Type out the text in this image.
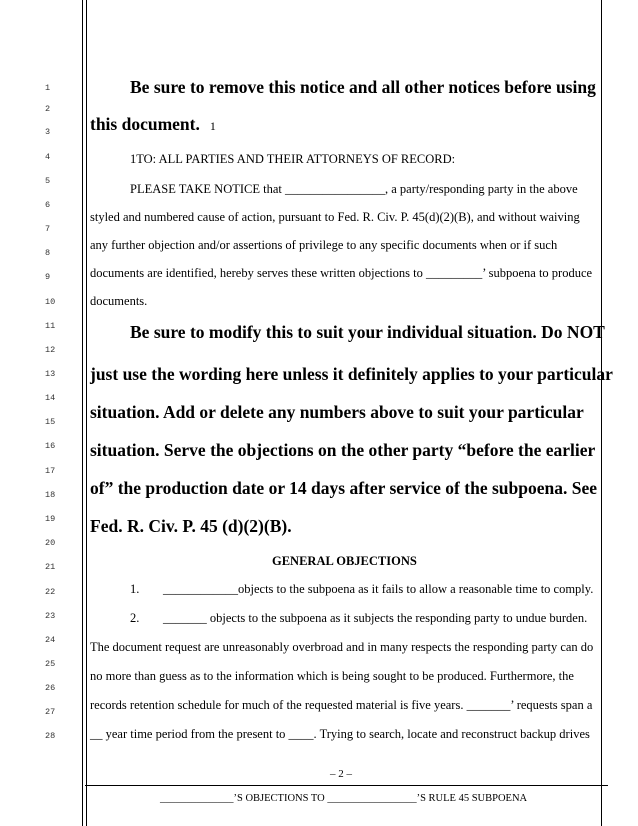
1
2
3
4
5
6
7
8
9
10
11
12
13
14
15
16
17
18
19
20
21
22
23
24
25
26
27
28
Be sure to remove this notice and all other notices before using
this document. 1
1TO: ALL PARTIES AND THEIR ATTORNEYS OF RECORD:
PLEASE TAKE NOTICE that ________________, a party/responding party in the above
styled and numbered cause of action, pursuant to Fed. R. Civ. P. 45(d)(2)(B), and without waiving
any further objection and/or assertions of privilege to any specific documents when or if such
documents are identified, hereby serves these written objections to _________’ subpoena to produce
documents.
Be sure to modify this to suit your individual situation. Do NOT
just use the wording here unless it definitely applies to your particular
situation. Add or delete any numbers above to suit your particular
situation. Serve the objections on the other party “before the earlier
of” the production date or 14 days after service of the subpoena. See
Fed. R. Civ. P. 45 (d)(2)(B).
GENERAL OBJECTIONS
1. ____________objects to the subpoena as it fails to allow a reasonable time to comply.
2. _______ objects to the subpoena as it subjects the responding party to undue burden.
The document request are unreasonably overbroad and in many respects the responding party can do
no more than guess as to the information which is being sought to be produced. Furthermore, the
records retention schedule for much of the requested material is five years. _______’ requests span a
__ year time period from the present to ____. Trying to search, locate and reconstruct backup drives
– 2 –
______________’S OBJECTIONS TO _________________’S RULE 45 SUBPOENA
